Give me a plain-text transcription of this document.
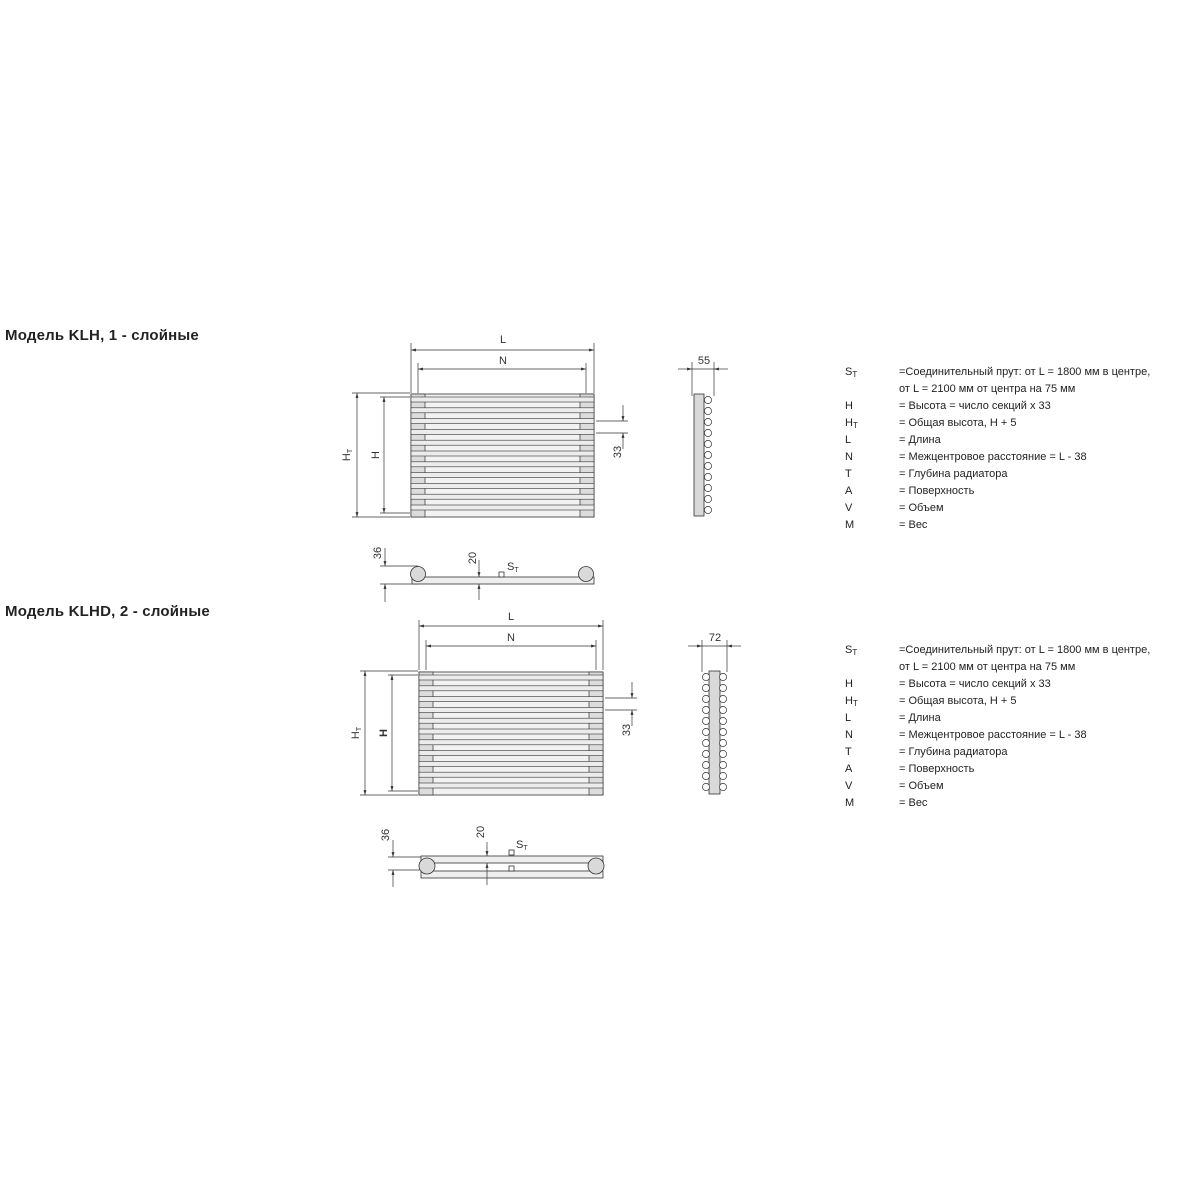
Модель KLH, 1 - слойные
Модель KLHD, 2 - слойные
L
N
HT H	33
55
36	20
ST
L
N
HT H	33
72
36	20
ST
ST	=Соединительный прут: от L = 1800 мм в центре,
от L = 2100 мм от центра на 75 мм
H	= Высота = число секций x 33
HT	= Общая высота, H + 5
L	= Длина
N	= Межцентровое расстояние = L - 38
T	= Глубина радиатора
A	= Поверхность
V	= Объем
M	= Вес
ST	=Соединительный прут: от L = 1800 мм в центре,
от L = 2100 мм от центра на 75 мм
H	= Высота = число секций x 33
HT	= Общая высота, H + 5
L	= Длина
N	= Межцентровое расстояние = L - 38
T	= Глубина радиатора
A	= Поверхность
V	= Объем
M	= Вес
